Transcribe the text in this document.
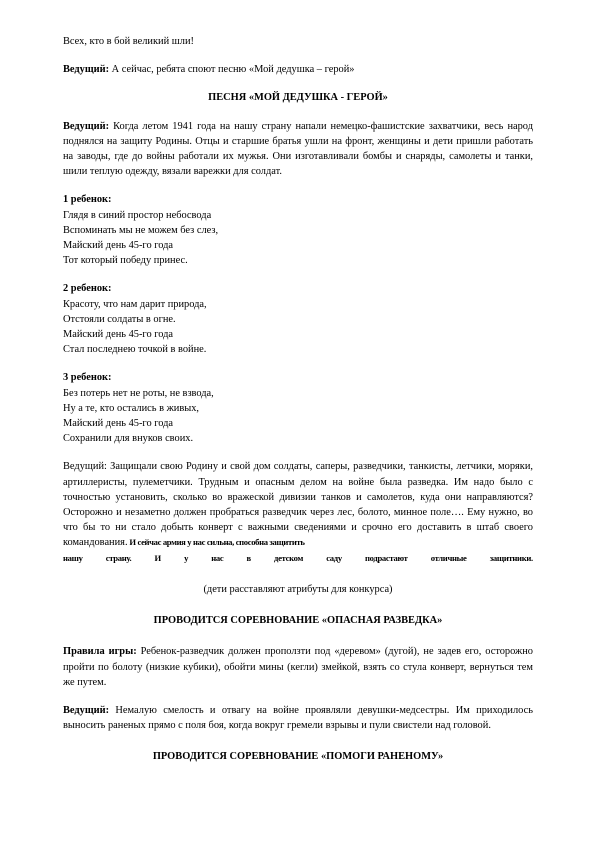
Всех, кто в бой великий шли!

Ведущий: А сейчас, ребята споют песню «Мой дедушка – герой»

ПЕСНЯ «МОЙ ДЕДУШКА - ГЕРОЙ»

Ведущий: Когда летом 1941 года на нашу страну напали немецко-фашистские захватчики, весь народ поднялся на защиту Родины. Отцы и старшие братья ушли на фронт, женщины и дети пришли работать на заводы, где до войны работали их мужья. Они изготавливали бомбы и снаряды, самолеты и танки, шили теплую одежду, вязали варежки для солдат.

1 ребенок:

Глядя в синий простор небосвода

Вспоминать мы не можем без слез,

Майский день 45-го года

Тот который победу принес.

2 ребенок:

Красоту, что нам дарит природа,

Отстояли солдаты в огне.

Майский день 45-го года

Стал последнею точкой в войне.

3 ребенок:

Без потерь нет не роты, не взвода,

Ну а те, кто остались в живых,

Майский день 45-го года

Сохранили для внуков своих.

Ведущий: Защищали свою Родину и свой дом солдаты, саперы, разведчики, танкисты, летчики, моряки, артиллеристы, пулеметчики. Трудным и опасным делом на войне была разведка. Им надо было с точностью установить, сколько во вражеской дивизии танков и самолетов, куда они направляются? Осторожно и незаметно должен пробраться разведчик через лес, болото, минное поле…. Ему нужно, во что бы то ни стало добыть конверт с важными сведениями и срочно его доставить в штаб своего командования. И сейчас армия у нас сильна, способна защитить

нашу	страну.	И	у	нас	в	детском	саду	подрастают	отличные	защитники.

(дети расставляют атрибуты для конкурса)

ПРОВОДИТСЯ СОРЕВНОВАНИЕ «ОПАСНАЯ РАЗВЕДКА»

Правила игры: Ребенок-разведчик должен проползти под «деревом» (дугой), не задев его, осторожно пройти по болоту (низкие кубики), обойти мины (кегли) змейкой, взять со стула конверт, вернуться тем же путем.

Ведущий: Немалую смелость и отвагу на войне проявляли девушки-медсестры. Им приходилось выносить раненых прямо с поля боя, когда вокруг гремели взрывы и пули свистели над головой.

ПРОВОДИТСЯ СОРЕВНОВАНИЕ «ПОМОГИ РАНЕНОМУ»
